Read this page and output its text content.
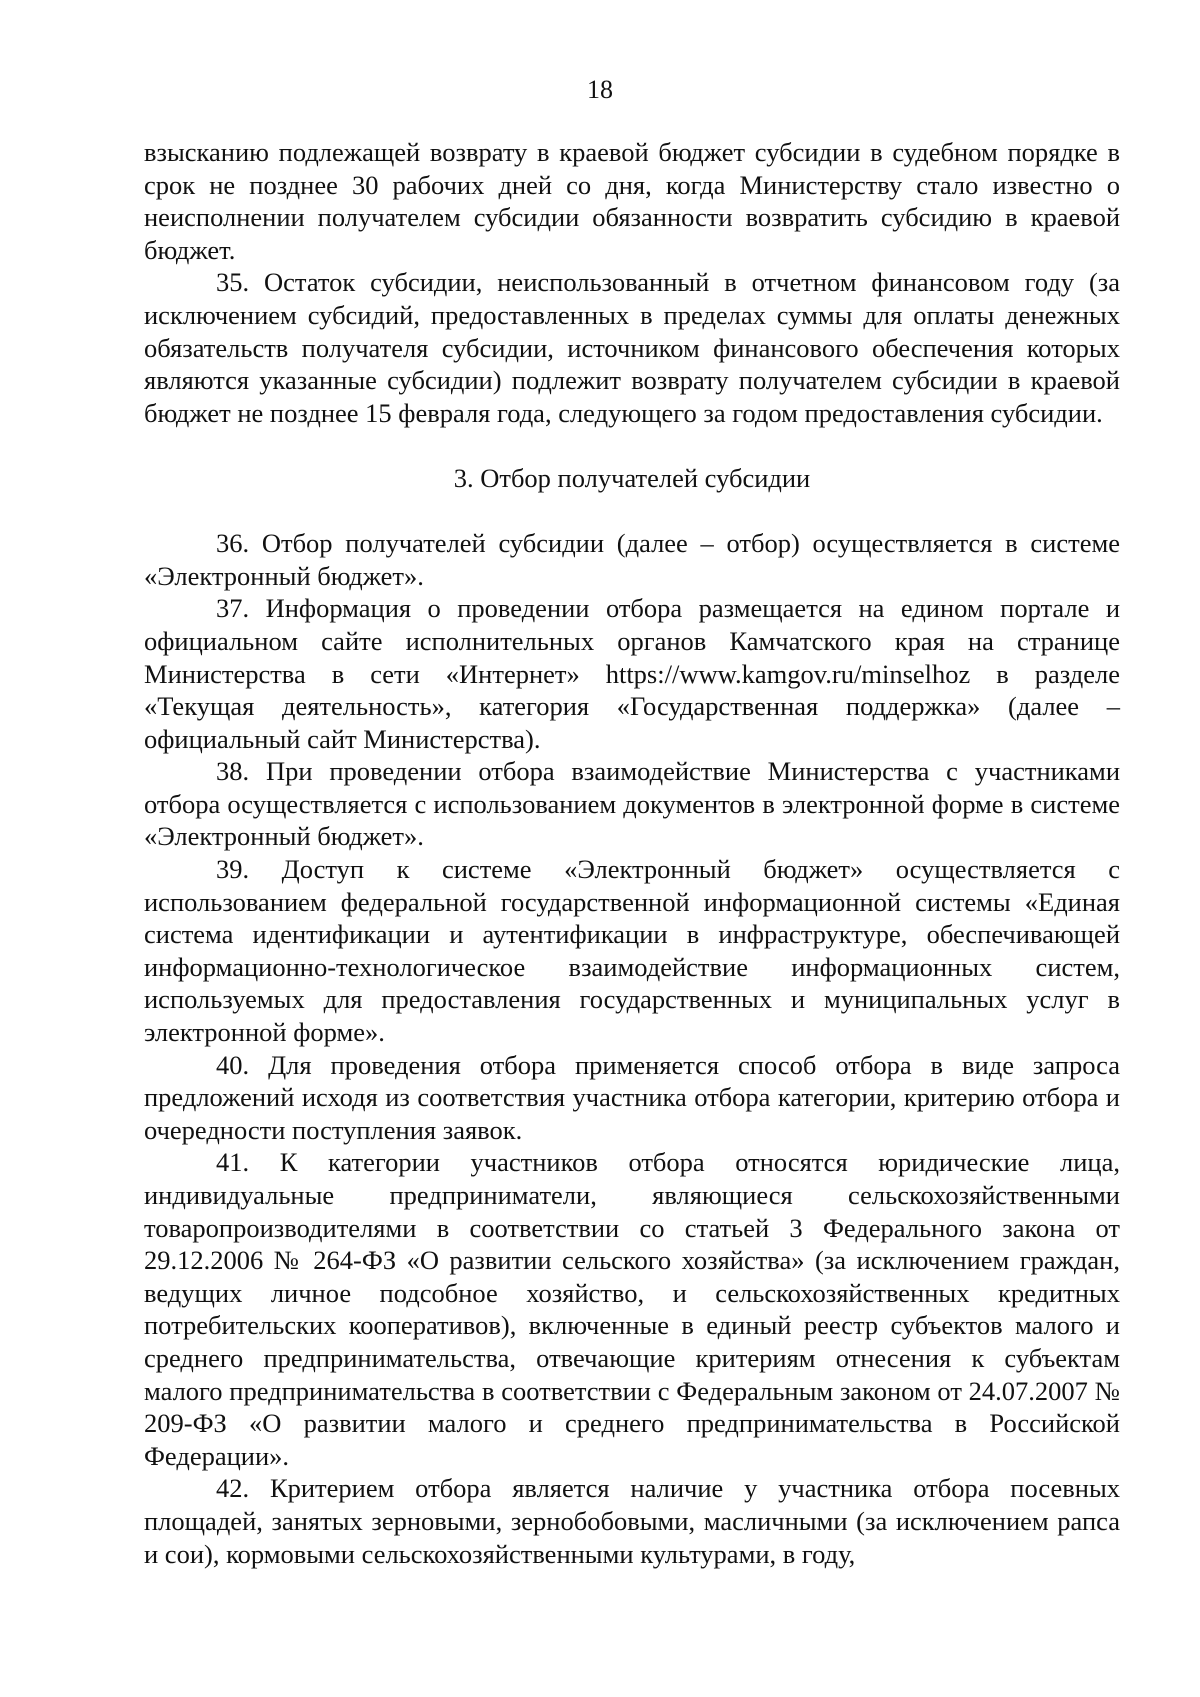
18

взысканию подлежащей возврату в краевой бюджет субсидии в судебном порядке в срок не позднее 30 рабочих дней со дня, когда Министерству стало известно о неисполнении получателем субсидии обязанности возвратить субсидию в краевой бюджет.

35. Остаток субсидии, неиспользованный в отчетном финансовом году (за исключением субсидий, предоставленных в пределах суммы для оплаты денежных обязательств получателя субсидии, источником финансового обеспечения которых являются указанные субсидии) подлежит возврату получателем субсидии в краевой бюджет не позднее 15 февраля года, следующего за годом предоставления субсидии.

3. Отбор получателей субсидии

36. Отбор получателей субсидии (далее – отбор) осуществляется в системе «Электронный бюджет».

37. Информация о проведении отбора размещается на едином портале и официальном сайте исполнительных органов Камчатского края на странице Министерства в сети «Интернет» https://www.kamgov.ru/minselhoz в разделе «Текущая деятельность», категория «Государственная поддержка» (далее – официальный сайт Министерства).

38. При проведении отбора взаимодействие Министерства с участниками отбора осуществляется с использованием документов в электронной форме в системе «Электронный бюджет».

39. Доступ к системе «Электронный бюджет» осуществляется с использованием федеральной государственной информационной системы «Единая система идентификации и аутентификации в инфраструктуре, обеспечивающей информационно-технологическое взаимодействие информационных систем, используемых для предоставления государственных и муниципальных услуг в электронной форме».

40. Для проведения отбора применяется способ отбора в виде запроса предложений исходя из соответствия участника отбора категории, критерию отбора и очередности поступления заявок.

41. К категории участников отбора относятся юридические лица, индивидуальные предприниматели, являющиеся сельскохозяйственными товаропроизводителями в соответствии со статьей 3 Федерального закона от 29.12.2006 № 264-ФЗ «О развитии сельского хозяйства» (за исключением граждан, ведущих личное подсобное хозяйство, и сельскохозяйственных кредитных потребительских кооперативов), включенные в единый реестр субъектов малого и среднего предпринимательства, отвечающие критериям отнесения к субъектам малого предпринимательства в соответствии с Федеральным законом от 24.07.2007 № 209-ФЗ «О развитии малого и среднего предпринимательства в Российской Федерации».

42. Критерием отбора является наличие у участника отбора посевных площадей, занятых зерновыми, зернобобовыми, масличными (за исключением рапса и сои), кормовыми сельскохозяйственными культурами, в году,
